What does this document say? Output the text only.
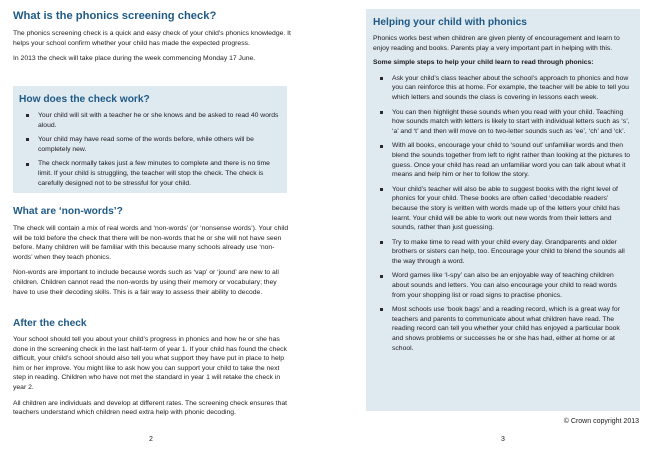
What is the phonics screening check?

The phonics screening check is a quick and easy check of your child’s phonics knowledge. It helps your school confirm whether your child has made the expected progress.

In 2013 the check will take place during the week commencing Monday 17 June.

How does the check work?
Your child will sit with a teacher he or she knows and be asked to read 40 words aloud.
Your child may have read some of the words before, while others will be completely new.
The check normally takes just a few minutes to complete and there is no time limit. If your child is struggling, the teacher will stop the check. The check is carefully designed not to be stressful for your child.
What are ‘non-words’?

The check will contain a mix of real words and ‘non-words’ (or ‘nonsense words’). Your child will be told before the check that there will be non-words that he or she will not have seen before. Many children will be familiar with this because many schools already use ‘non-words’ when they teach phonics.

Non-words are important to include because words such as ‘vap’ or ‘jound’ are new to all children. Children cannot read the non-words by using their memory or vocabulary; they have to use their decoding skills. This is a fair way to assess their ability to decode.

After the check

Your school should tell you about your child’s progress in phonics and how he or she has done in the screening check in the last half-term of year 1. If your child has found the check difficult, your child’s school should also tell you what support they have put in place to help him or her improve. You might like to ask how you can support your child to take the next step in reading. Children who have not met the standard in year 1 will retake the check in year 2.

All children are individuals and develop at different rates. The screening check ensures that teachers understand which children need extra help with phonic decoding.

2
Helping your child with phonics

Phonics works best when children are given plenty of encouragement and learn to enjoy reading and books. Parents play a very important part in helping with this.

Some simple steps to help your child learn to read through phonics:

Ask your child’s class teacher about the school’s approach to phonics and how you can reinforce this at home. For example, the teacher will be able to tell you which letters and sounds the class is covering in lessons each week.
You can then highlight these sounds when you read with your child. Teaching how sounds match with letters is likely to start with individual letters such as ‘s’, ‘a’ and ‘t’ and then will move on to two-letter sounds such as ‘ee’, ‘ch’ and ‘ck’.
With all books, encourage your child to ‘sound out’ unfamiliar words and then blend the sounds together from left to right rather than looking at the pictures to guess. Once your child has read an unfamiliar word you can talk about what it means and help him or her to follow the story.
Your child’s teacher will also be able to suggest books with the right level of phonics for your child. These books are often called ‘decodable readers’ because the story is written with words made up of the letters your child has learnt. Your child will be able to work out new words from their letters and sounds, rather than just guessing.
Try to make time to read with your child every day. Grandparents and older brothers or sisters can help, too. Encourage your child to blend the sounds all the way through a word.
Word games like ‘I-spy’ can also be an enjoyable way of teaching children about sounds and letters. You can also encourage your child to read words from your shopping list or road signs to practise phonics.
Most schools use ‘book bags’ and a reading record, which is a great way for teachers and parents to communicate about what children have read. The reading record can tell you whether your child has enjoyed a particular book and shows problems or successes he or she has had, either at home or at school.
© Crown copyright 2013
3
